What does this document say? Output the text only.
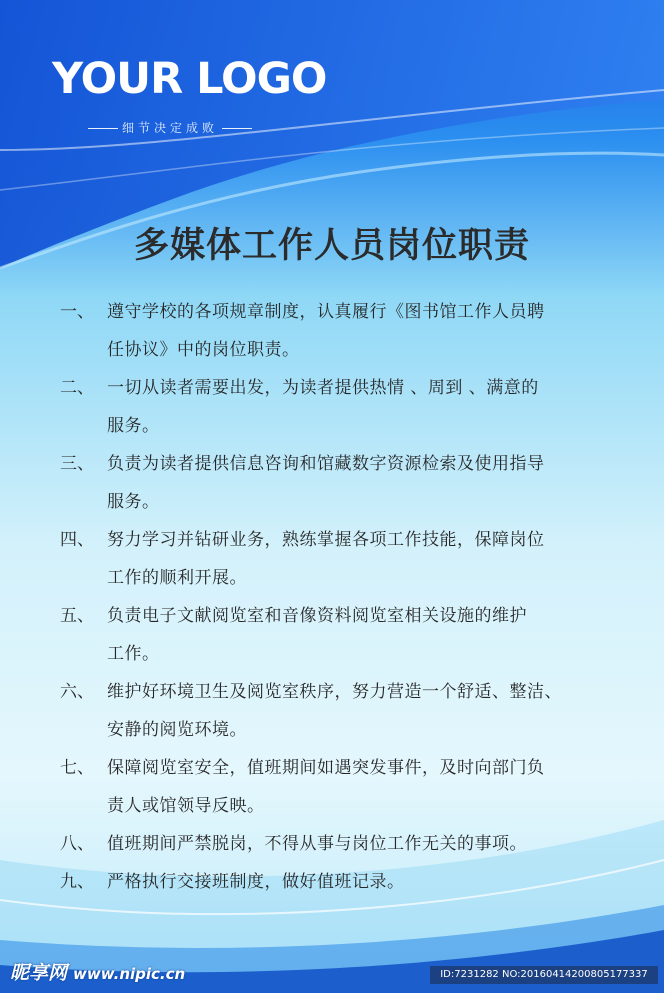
YOUR LOGO
细节决定成败
多媒体工作人员岗位职责
一、 遵守学校的各项规章制度，认真履行《图书馆工作人员聘
任协议》中的岗位职责。
二、 一切从读者需要出发，为读者提供热情 、周到 、满意的
服务。
三、 负责为读者提供信息咨询和馆藏数字资源检索及使用指导
服务。
四、 努力学习并钻研业务，熟练掌握各项工作技能，保障岗位
工作的顺利开展。
五、 负责电子文献阅览室和音像资料阅览室相关设施的维护
工作。
六、 维护好环境卫生及阅览室秩序，努力营造一个舒适、整洁、
安静的阅览环境。
七、 保障阅览室安全，值班期间如遇突发事件，及时向部门负
责人或馆领导反映。
八、 值班期间严禁脱岗，不得从事与岗位工作无关的事项。
九、 严格执行交接班制度，做好值班记录。
昵享网 www.nipic.cn	ID:7231282 NO:20160414200805177337
